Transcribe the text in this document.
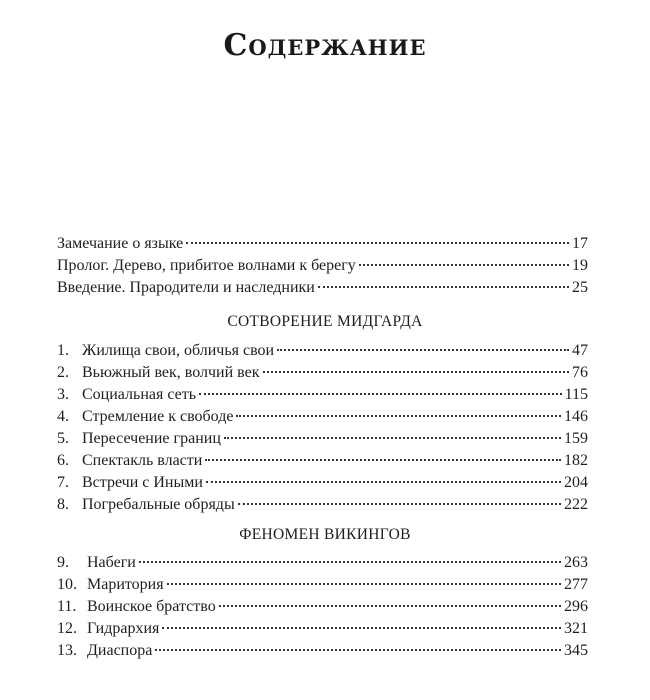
Содержание
Замечание о языке	17
Пролог. Дерево, прибитое волнами к берегу	19
Введение. Прародители и наследники	25
СОТВОРЕНИЕ МИДГАРДА
1. Жилища свои, обличья свои	47
2. Вьюжный век, волчий век	76
3. Социальная сеть	115
4. Стремление к свободе	146
5. Пересечение границ	159
6. Спектакль власти	182
7. Встречи с Иными	204
8. Погребальные обряды	222
ФЕНОМЕН ВИКИНГОВ
9.	Набеги	263
10. Маритория	277
11. Воинское братство	296
12. Гидрархия	321
13. Диаспора	345
